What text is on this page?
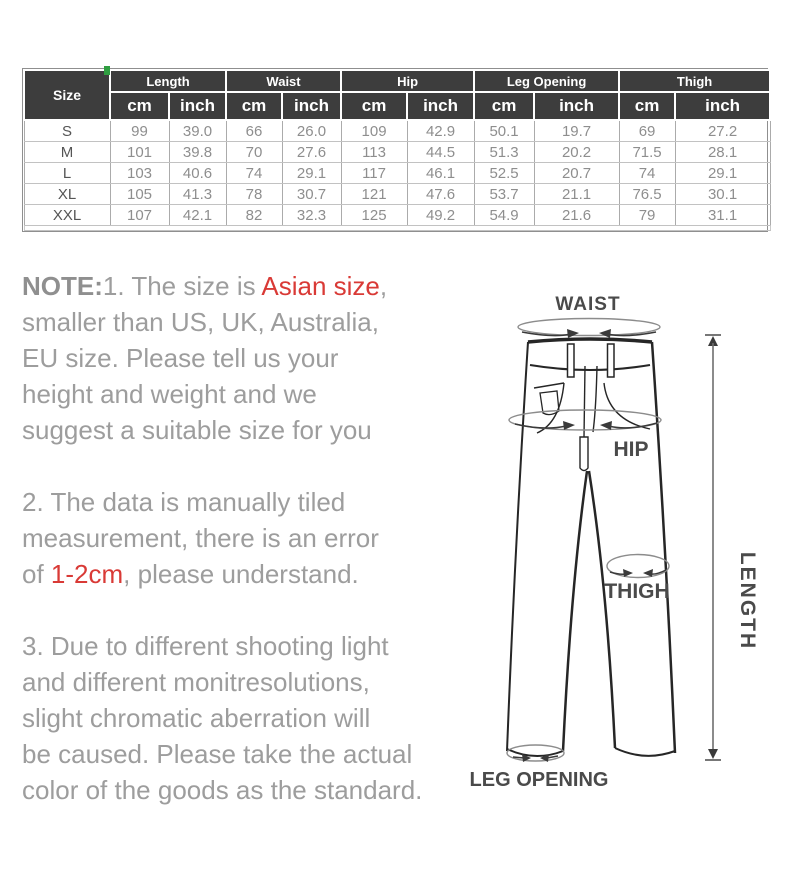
Size	Length		Waist		Hip		Leg Opening		Thigh	
	cm	inch	cm	inch	cm	inch	cm	inch	cm	inch
S	99	39.0	66	26.0	109	42.9	50.1	19.7	69	27.2
M	101	39.8	70	27.6	113	44.5	51.3	20.2	71.5	28.1
L	103	40.6	74	29.1	117	46.1	52.5	20.7	74	29.1
XL	105	41.3	78	30.7	121	47.6	53.7	21.1	76.5	30.1
XXL	107	42.1	82	32.3	125	49.2	54.9	21.6	79	31.1

NOTE:1. The size is Asian size,
smaller than US, UK, Australia,
EU size. Please tell us your
height and weight and we
suggest a suitable size for you

2. The data is manually tiled
measurement, there is an error
of 1-2cm, please understand.

3. Due to different shooting light
and different monitresolutions,
slight chromatic aberration will
be caused. Please take the actual
color of the goods as the standard.

WAIST
HIP
THIGH
LEG OPENING
LENGTH
